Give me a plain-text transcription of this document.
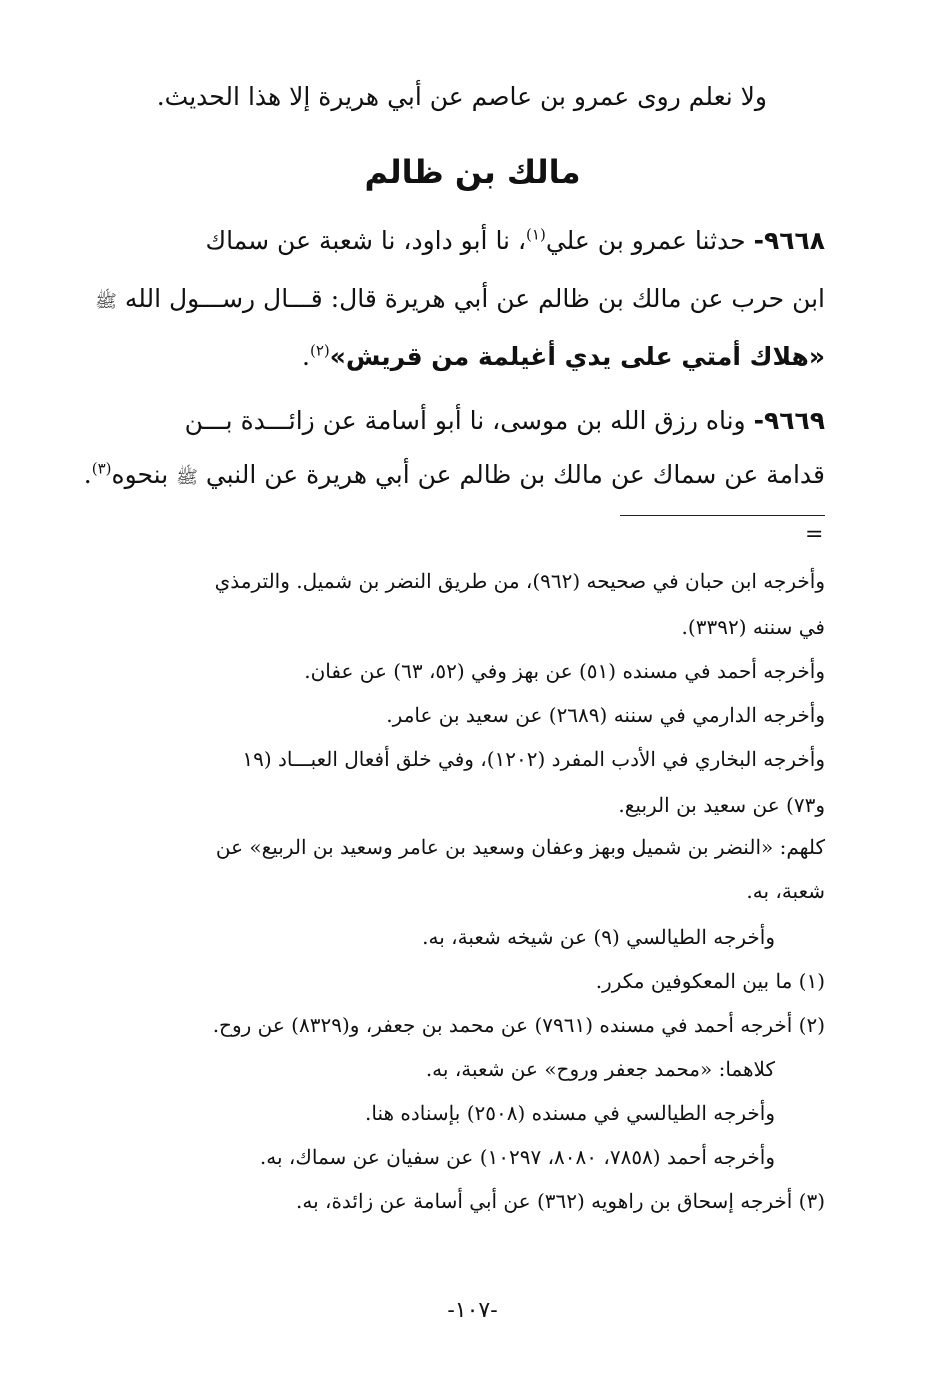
ولا نعلم روى عمرو بن عاصم عن أبي هريرة إلا هذا الحديث.
مالك بن ظالم
٩٦٦٨- حدثنا عمرو بن علي$^{(١)}$، نا أبو داود، نا شعبة عن سماك
ابن حرب عن مالك بن ظالم عن أبي هريرة قال: قـــال رســـول الله ﷺ
«هلاك أمتي على يدي أغيلمة من قريش»$^{(٢)}$.
٩٦٦٩- وناه رزق الله بن موسى، نا أبو أسامة عن زائـــدة بـــن
قدامة عن سماك عن مالك بن ظالم عن أبي هريرة عن النبي ﷺ بنحوه$^{(٣)}$.
=
وأخرجه ابن حبان في صحيحه (٩٦٢)، من طريق النضر بن شميل. والترمذي
في سننه (٣٣٩٢).
وأخرجه أحمد في مسنده (٥١) عن بهز وفي (٥٢، ٦٣) عن عفان.
وأخرجه الدارمي في سننه (٢٦٨٩) عن سعيد بن عامر.
وأخرجه البخاري في الأدب المفرد (١٢٠٢)، وفي خلق أفعال العبـــاد (١٩
و٧٣) عن سعيد بن الربيع.
كلهم: «النضر بن شميل وبهز وعفان وسعيد بن عامر وسعيد بن الربيع» عن
شعبة، به.
وأخرجه الطيالسي (٩) عن شيخه شعبة، به.
(١) ما بين المعكوفين مكرر.
(٢) أخرجه أحمد في مسنده (٧٩٦١) عن محمد بن جعفر، و(٨٣٢٩) عن روح.
كلاهما: «محمد جعفر وروح» عن شعبة، به.
وأخرجه الطيالسي في مسنده (٢٥٠٨) بإسناده هنا.
وأخرجه أحمد (٧٨٥٨، ٨٠٨٠، ١٠٢٩٧) عن سفيان عن سماك، به.
(٣) أخرجه إسحاق بن راهويه (٣٦٢) عن أبي أسامة عن زائدة، به.
-١٠٧-
